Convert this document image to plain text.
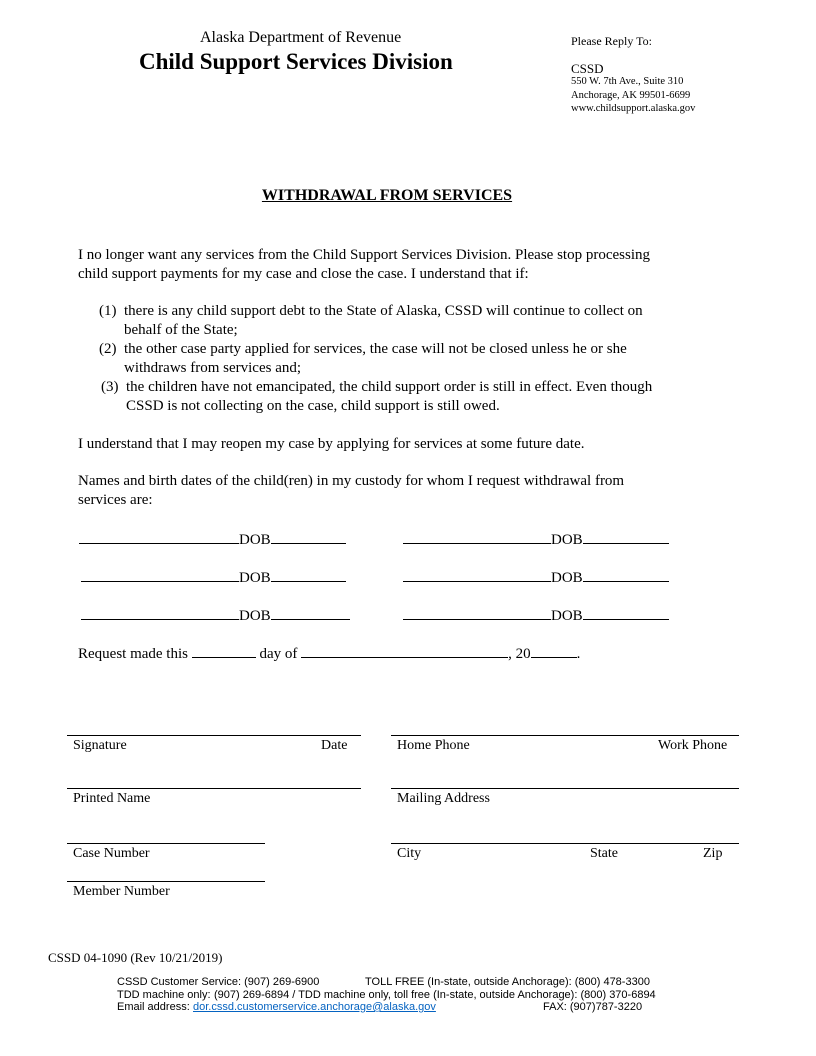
Alaska Department of Revenue
Child Support Services Division
Please Reply To:
CSSD
550 W. 7th Ave., Suite 310
Anchorage, AK 99501-6699
www.childsupport.alaska.gov
WITHDRAWAL FROM SERVICES
I no longer want any services from the Child Support Services Division. Please stop processing
child support payments for my case and close the case. I understand that if:
(1) there is any child support debt to the State of Alaska, CSSD will continue to collect on
behalf of the State;
(2) the other case party applied for services, the case will not be closed unless he or she
withdraws from services and;
(3) the children have not emancipated, the child support order is still in effect. Even though
CSSD is not collecting on the case, child support is still owed.
I understand that I may reopen my case by applying for services at some future date.
Names and birth dates of the child(ren) in my custody for whom I request withdrawal from
services are:
DOB	DOB
DOB	DOB
DOB	DOB
Request made this	day of	, 20	.
Signature	Date	Home Phone	Work Phone
Printed Name	Mailing Address
Case Number	City	State	Zip
Member Number
CSSD 04-1090 (Rev 10/21/2019)
CSSD Customer Service: (907) 269-6900	TOLL FREE (In-state, outside Anchorage): (800) 478-3300
TDD machine only: (907) 269-6894 / TDD machine only, toll free (In-state, outside Anchorage): (800) 370-6894
Email address: dor.cssd.customerservice.anchorage@alaska.gov	FAX: (907)787-3220
